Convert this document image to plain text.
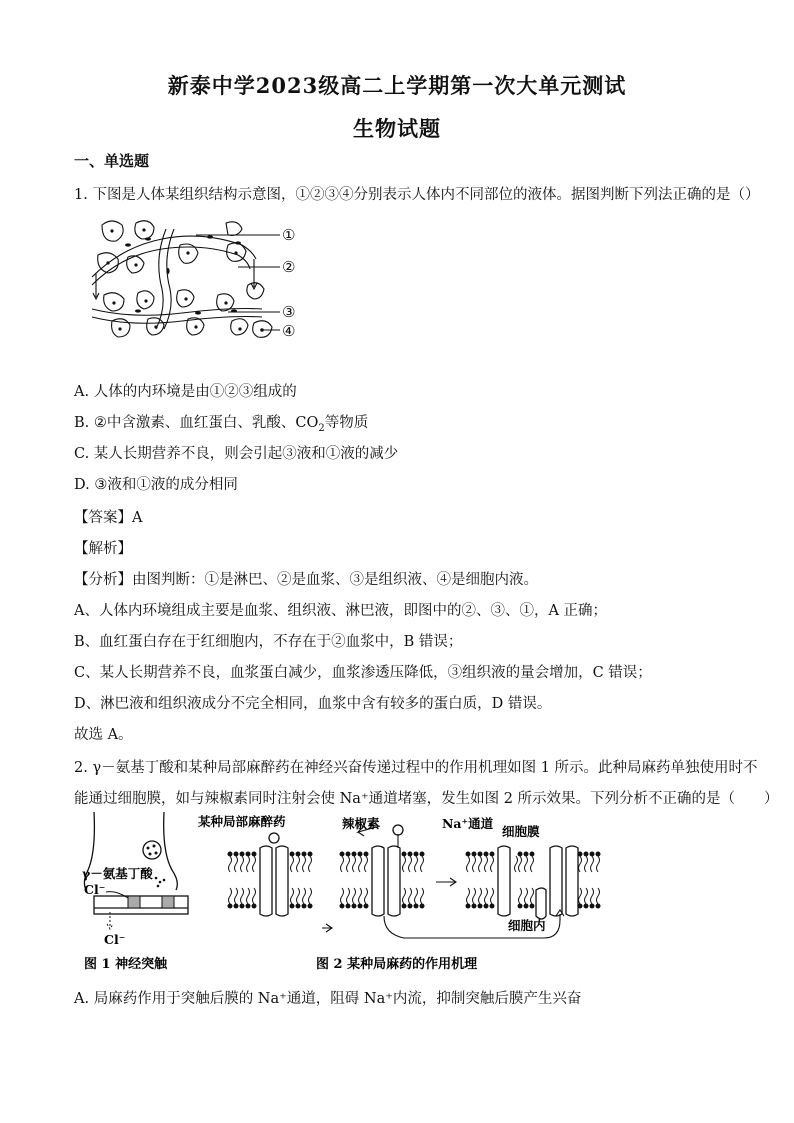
新泰中学2023级高二上学期第一次大单元测试
生物试题
一、单选题
1. 下图是人体某组织结构示意图，①②③④分别表示人体内不同部位的液体。据图判断下列法正确的是（）
①
②
③
④
A. 人体的内环境是由①②③组成的
B. ②中含激素、血红蛋白、乳酸、$CO_2$等物质
C. 某人长期营养不良，则会引起③液和①液的减少
D. ③液和①液的成分相同
【答案】A
【解析】
【分析】由图判断：①是淋巴、②是血浆、③是组织液、④是细胞内液。
A、人体内环境组成主要是血浆、组织液、淋巴液，即图中的②、③、①，A 正确；
B、血红蛋白存在于红细胞内，不存在于②血浆中，B 错误；
C、某人长期营养不良，血浆蛋白减少，血浆渗透压降低，③组织液的量会增加，C 错误；
D、淋巴液和组织液成分不完全相同，血浆中含有较多的蛋白质，D 错误。
故选 A。
2. γ－氨基丁酸和某种局部麻醉药在神经兴奋传递过程中的作用机理如图 1 所示。此种局麻药单独使用时不
能通过细胞膜，如与辣椒素同时注射会使 Na⁺通道堵塞，发生如图 2 所示效果。下列分析不正确的是（　　）
γ－氨基丁酸
Cl⁻
Cl⁻
图 1 神经突触
某种局部麻醉药	辣椒素	Na⁺通道
细胞膜
细胞内
图 2 某种局麻药的作用机理
A. 局麻药作用于突触后膜的 Na⁺通道，阻碍 Na⁺内流，抑制突触后膜产生兴奋
